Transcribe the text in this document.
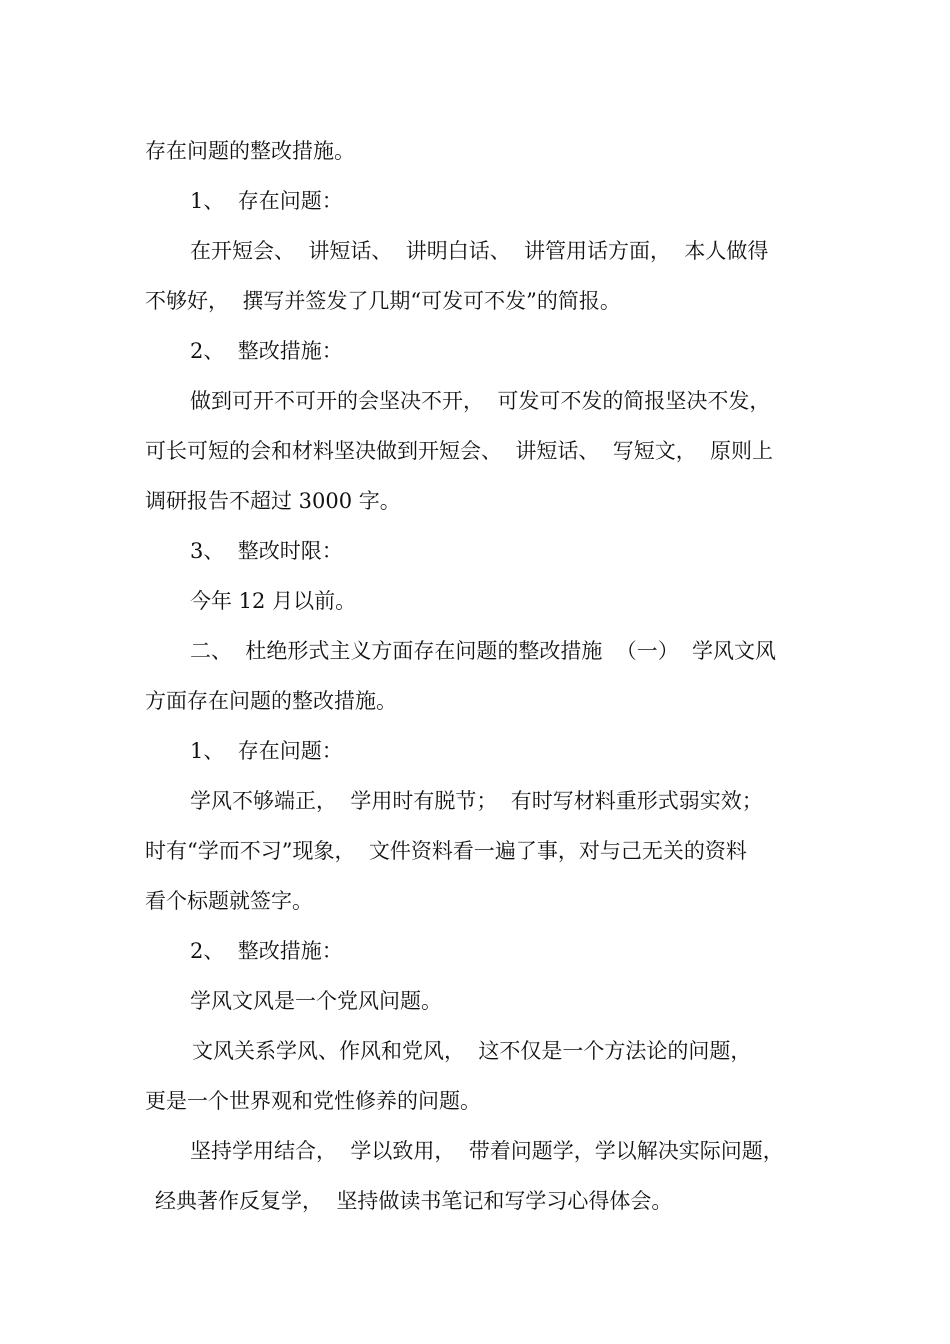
存在问题的整改措施。
1、  存在问题：
在开短会、  讲短话、  讲明白话、  讲管用话方面，  本人做得
不够好，  撰写并签发了几期“可发可不发”的简报。
2、  整改措施：
做到可开不可开的会坚决不开，  可发可不发的简报坚决不发，
可长可短的会和材料坚决做到开短会、  讲短话、  写短文，  原则上
调研报告不超过 3000 字。
3、  整改时限：
今年 12 月以前。
二、  杜绝形式主义方面存在问题的整改措施  （一）  学风文风
方面存在问题的整改措施。
1、  存在问题：
学风不够端正，  学用时有脱节；  有时写材料重形式弱实效；
时有“学而不习”现象，  文件资料看一遍了事，对与己无关的资料
看个标题就签字。
2、  整改措施：
学风文风是一个党风问题。
文风关系学风、作风和党风，  这不仅是一个方法论的问题，
更是一个世界观和党性修养的问题。
坚持学用结合，  学以致用，  带着问题学，学以解决实际问题，
经典著作反复学，  坚持做读书笔记和写学习心得体会。
